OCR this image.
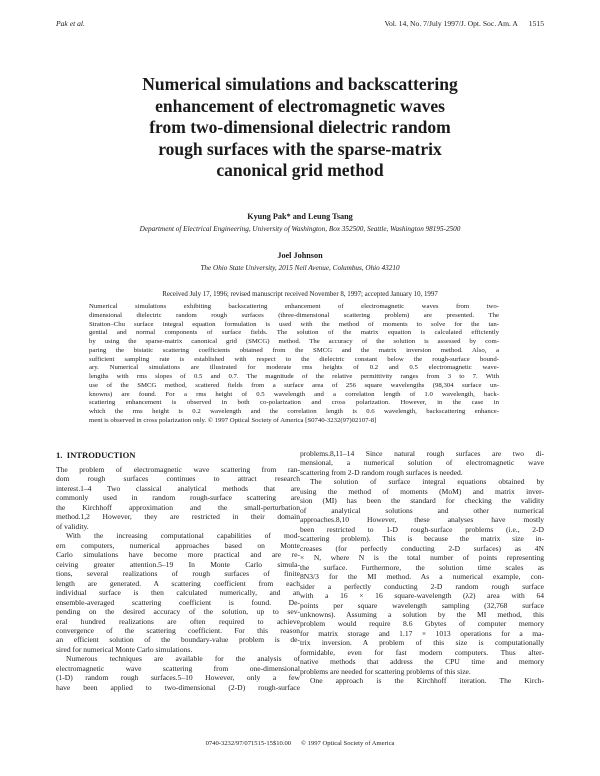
Pak et al.	Vol. 14, No. 7/July 1997/J. Opt. Soc. Am. A      1515
Numerical simulations and backscattering
enhancement of electromagnetic waves
from two-dimensional dielectric random
rough surfaces with the sparse-matrix
canonical grid method
Kyung Pak* and Leung Tsang
Department of Electrical Engineering, University of Washington, Box 352500, Seattle, Washington 98195-2500
Joel Johnson
The Ohio State University, 2015 Neil Avenue, Columbus, Ohio 43210
Received July 17, 1996; revised manuscript received November 8, 1997; accepted January 10, 1997
Numerical simulations exhibiting backscattering enhancement of electromagnetic waves from two-
dimensional dielectric random rough surfaces (three-dimensional scattering problem) are presented. The
Stratton–Chu surface integral equation formulation is used with the method of moments to solve for the tan-
gential and normal components of surface fields. The solution of the matrix equation is calculated efficiently
by using the sparse-matrix canonical grid (SMCG) method. The accuracy of the solution is assessed by com-
paring the bistatic scattering coefficients obtained from the SMCG and the matrix inversion method. Also, a
sufficient sampling rate is established with respect to the dielectric constant below the rough-surface bound-
ary. Numerical simulations are illustrated for moderate rms heights of 0.2 and 0.5 electromagnetic wave-
lengths with rms slopes of 0.5 and 0.7. The magnitude of the relative permittivity ranges from 3 to 7. With
use of the SMCG method, scattered fields from a surface area of 256 square wavelengths (98,304 surface un-
knowns) are found. For a rms height of 0.5 wavelength and a correlation length of 1.0 wavelength, back-
scattering enhancement is observed in both co-polarization and cross polarization. However, in the case in
which the rms height is 0.2 wavelength and the correlation length is 0.6 wavelength, backscattering enhance-
ment is observed in cross polarization only. © 1997 Optical Society of America [S0740-3232(97)02107-8]
1.  INTRODUCTION
The problem of electromagnetic wave scattering from ran-
dom rough surfaces continues to attract research
interest.1–4 Two classical analytical methods that are
commonly used in random rough-surface scattering are
the Kirchhoff approximation and the small-perturbation
method.1,2 However, they are restricted in their domain
of validity.
With the increasing computational capabilities of mod-
ern computers, numerical approaches based on Monte
Carlo simulations have become more practical and are re-
ceiving greater attention.5–19 In Monte Carlo simula-
tions, several realizations of rough surfaces of finite
length are generated. A scattering coefficient from each
individual surface is then calculated numerically, and an
ensemble-averaged scattering coefficient is found. De-
pending on the desired accuracy of the solution, up to sev-
eral hundred realizations are often required to achieve
convergence of the scattering coefficient. For this reason
an efficient solution of the boundary-value problem is de-
sired for numerical Monte Carlo simulations.
Numerous techniques are available for the analysis of
electromagnetic wave scattering from one-dimensional
(1-D) random rough surfaces.5–10 However, only a few
have been applied to two-dimensional (2-D) rough-surface
problems.8,11–14 Since natural rough surfaces are two di-
mensional, a numerical solution of electromagnetic wave
scattering from 2-D random rough surfaces is needed.
The solution of surface integral equations obtained by
using the method of moments (MoM) and matrix inver-
sion (MI) has been the standard for checking the validity
of analytical solutions and other numerical
approaches.8,10 However, these analyses have mostly
been restricted to 1-D rough-surface problems (i.e., 2-D
scattering problem). This is because the matrix size in-
creases (for perfectly conducting 2-D surfaces) as 4N
× N, where N is the total number of points representing
the surface. Furthermore, the solution time scales as
8N3/3 for the MI method. As a numerical example, con-
sider a perfectly conducting 2-D random rough surface
with a 16 × 16 square-wavelength (λ2) area with 64
points per square wavelength sampling (32,768 surface
unknowns). Assuming a solution by the MI method, this
problem would require 8.6 Gbytes of computer memory
for matrix storage and 1.17 × 1013 operations for a ma-
trix inversion. A problem of this size is computationally
formidable, even for fast modern computers. Thus alter-
native methods that address the CPU time and memory
problems are needed for scattering problems of this size.
One approach is the Kirchhoff iteration. The Kirch-
0740-3232/97/071515-15$10.00      © 1997 Optical Society of America
